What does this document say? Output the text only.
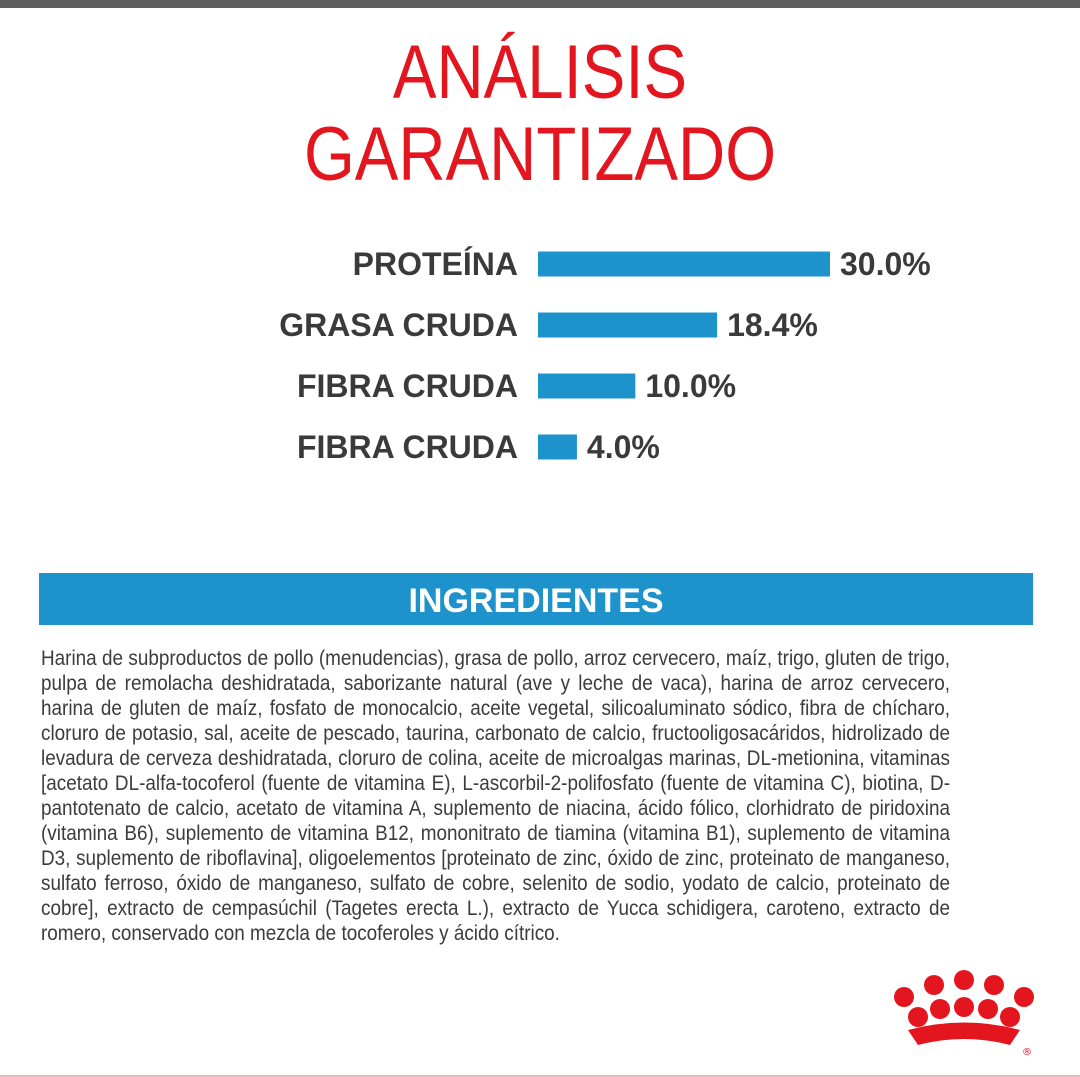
ANÁLISIS
GARANTIZADO
PROTEÍNA	30.0%
GRASA CRUDA	18.4%
FIBRA CRUDA	10.0%
FIBRA CRUDA 4.0%
INGREDIENTES
Harina de subproductos de pollo (menudencias), grasa de pollo, arroz cervecero, maíz, trigo, gluten de trigo, pulpa de remolacha deshidratada, saborizante natural (ave y leche de vaca), harina de arroz cervecero, harina de gluten de maíz, fosfato de monocalcio, aceite vegetal, silicoaluminato sódico, fibra de chícharo, cloruro de potasio, sal, aceite de pescado, taurina, carbonato de calcio, fructooligosacáridos, hidrolizado de levadura de cerveza deshidratada, cloruro de colina, aceite de microalgas marinas, DL-metionina, vitaminas [acetato DL-alfa-tocoferol (fuente de vitamina E), L-ascorbil-2-polifosfato (fuente de vitamina C), biotina, D-pantotenato de calcio, acetato de vitamina A, suplemento de niacina, ácido fólico, clorhidrato de piridoxina (vitamina B6), suplemento de vitamina B12, mononitrato de tiamina (vitamina B1), suplemento de vitamina D3, suplemento de riboflavina], oligoelementos [proteinato de zinc, óxido de zinc, proteinato de manganeso, sulfato ferroso, óxido de manganeso, sulfato de cobre, selenito de sodio, yodato de calcio, proteinato de cobre], extracto de cempasúchil (Tagetes erecta L.), extracto de Yucca schidigera, caroteno, extracto de romero, conservado con mezcla de tocoferoles y ácido cítrico.
®
